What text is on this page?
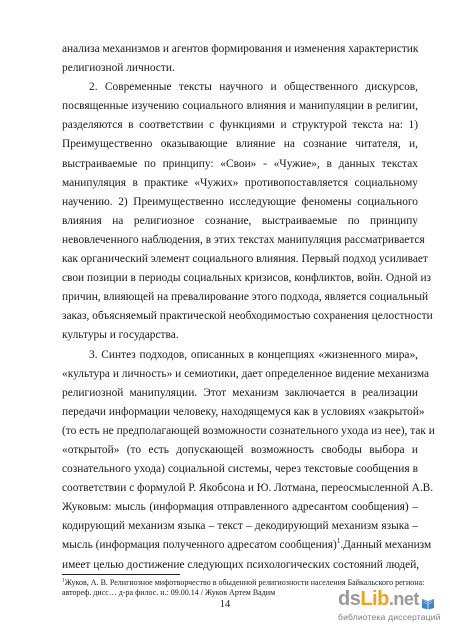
анализа механизмов и агентов формирования и изменения характеристик
религиозной личности.
2. Современные тексты научного и общественного дискурсов,
посвященные изучению социального влияния и манипуляции в религии,
разделяются в соответствии с функциями и структурой текста на: 1)
Преимущественно оказывающие влияние на сознание читателя, и,
выстраиваемые по принципу: «Свои» - «Чужие», в данных текстах
манипуляция в практике «Чужих» противопоставляется социальному
научению. 2) Преимущественно исследующие феномены социального
влияния на религиозное сознание, выстраиваемые по принципу
невовлеченного наблюдения, в этих текстах манипуляция рассматривается
как органический элемент социального влияния. Первый подход усиливает
свои позиции в периоды социальных кризисов, конфликтов, войн. Одной из
причин, влияющей на превалирование этого подхода, является социальный
заказ, объясняемый практической необходимостью сохранения целостности
культуры и государства.
3. Синтез подходов, описанных в концепциях «жизненного мира»,
«культура и личность» и семиотики, дает определенное видение механизма
религиозной манипуляции. Этот механизм заключается в реализации
передачи информации человеку, находящемуся как в условиях «закрытой»
(то есть не предполагающей возможности сознательного ухода из нее), так и
«открытой» (то есть допускающей возможность свободы выбора и
сознательного ухода) социальной системы, через текстовые сообщения в
соответствии с формулой Р. Якобсона и Ю. Лотмана, переосмысленной А.В.
Жуковым: мысль (информация отправленного адресантом сообщения) –
кодирующий механизм языка – текст – декодирующий механизм языка –
мысль (информация полученного адресатом сообщения)$^1$.Данный механизм
имеет целью достижение следующих психологических состояний людей,
$^1$Жуков, А. В. Религиозное мифотворчество в обыденной религиозности населения Байкальского региона:
автореф. дисс… д-ра филос. н.: 09.00.14 / Жуков Артем Вадим
14	ds Lib .net
библиотека диссертаций
